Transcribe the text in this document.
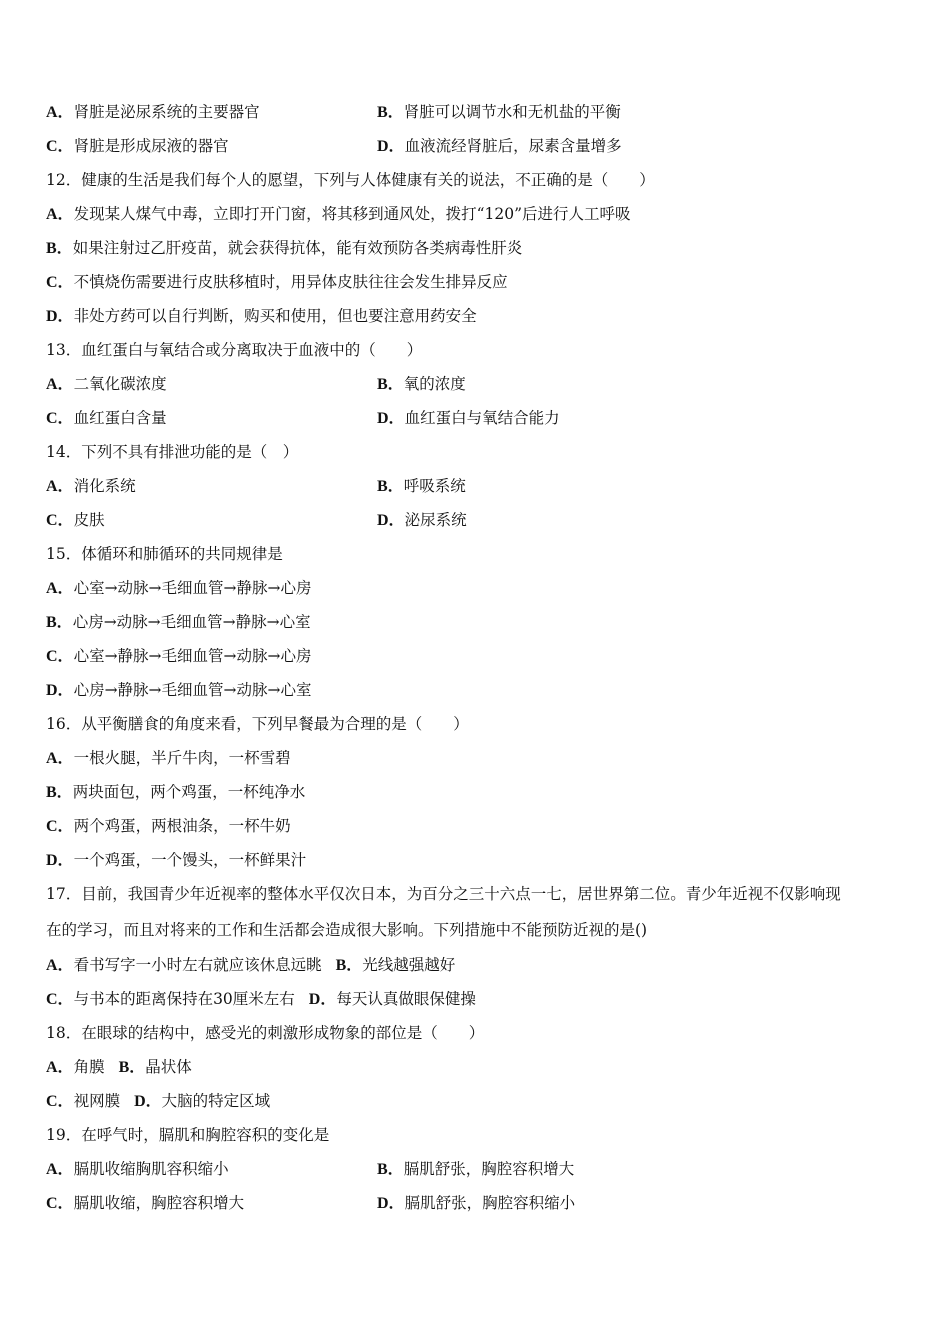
A．肾脏是泌尿系统的主要器官	B．肾脏可以调节水和无机盐的平衡
C．肾脏是形成尿液的器官	D．血液流经肾脏后，尿素含量增多
12．健康的生活是我们每个人的愿望，下列与人体健康有关的说法，不正确的是（　　）
A．发现某人煤气中毒，立即打开门窗，将其移到通风处，拨打“120”后进行人工呼吸
B．如果注射过乙肝疫苗，就会获得抗体，能有效预防各类病毒性肝炎
C．不慎烧伤需要进行皮肤移植时，用异体皮肤往往会发生排异反应
D．非处方药可以自行判断，购买和使用，但也要注意用药安全
13．血红蛋白与氧结合或分离取决于血液中的（　　）
A．二氧化碳浓度	B．氧的浓度
C．血红蛋白含量	D．血红蛋白与氧结合能力
14．下列不具有排泄功能的是（　）
A．消化系统	B．呼吸系统
C．皮肤	D．泌尿系统
15．体循环和肺循环的共同规律是
A．心室→动脉→毛细血管→静脉→心房
B．心房→动脉→毛细血管→静脉→心室
C．心室→静脉→毛细血管→动脉→心房
D．心房→静脉→毛细血管→动脉→心室
16．从平衡膳食的角度来看，下列早餐最为合理的是（　　）
A．一根火腿，半斤牛肉，一杯雪碧
B．两块面包，两个鸡蛋，一杯纯净水
C．两个鸡蛋，两根油条，一杯牛奶
D．一个鸡蛋，一个馒头，一杯鲜果汁
17．目前，我国青少年近视率的整体水平仅次日本，为百分之三十六点一七，居世界第二位。青少年近视不仅影响现
在的学习，而且对将来的工作和生活都会造成很大影响。下列措施中不能预防近视的是()
A．看书写字一小时左右就应该休息远眺 B．光线越强越好
C．与书本的距离保持在30厘米左右 D．每天认真做眼保健操
18．在眼球的结构中，感受光的刺激形成物象的部位是（　　）
A．角膜 B．晶状体
C．视网膜 D．大脑的特定区域
19．在呼气时，膈肌和胸腔容积的变化是
A．膈肌收缩胸肌容积缩小	B．膈肌舒张，胸腔容积增大
C．膈肌收缩，胸腔容积增大	D．膈肌舒张，胸腔容积缩小
